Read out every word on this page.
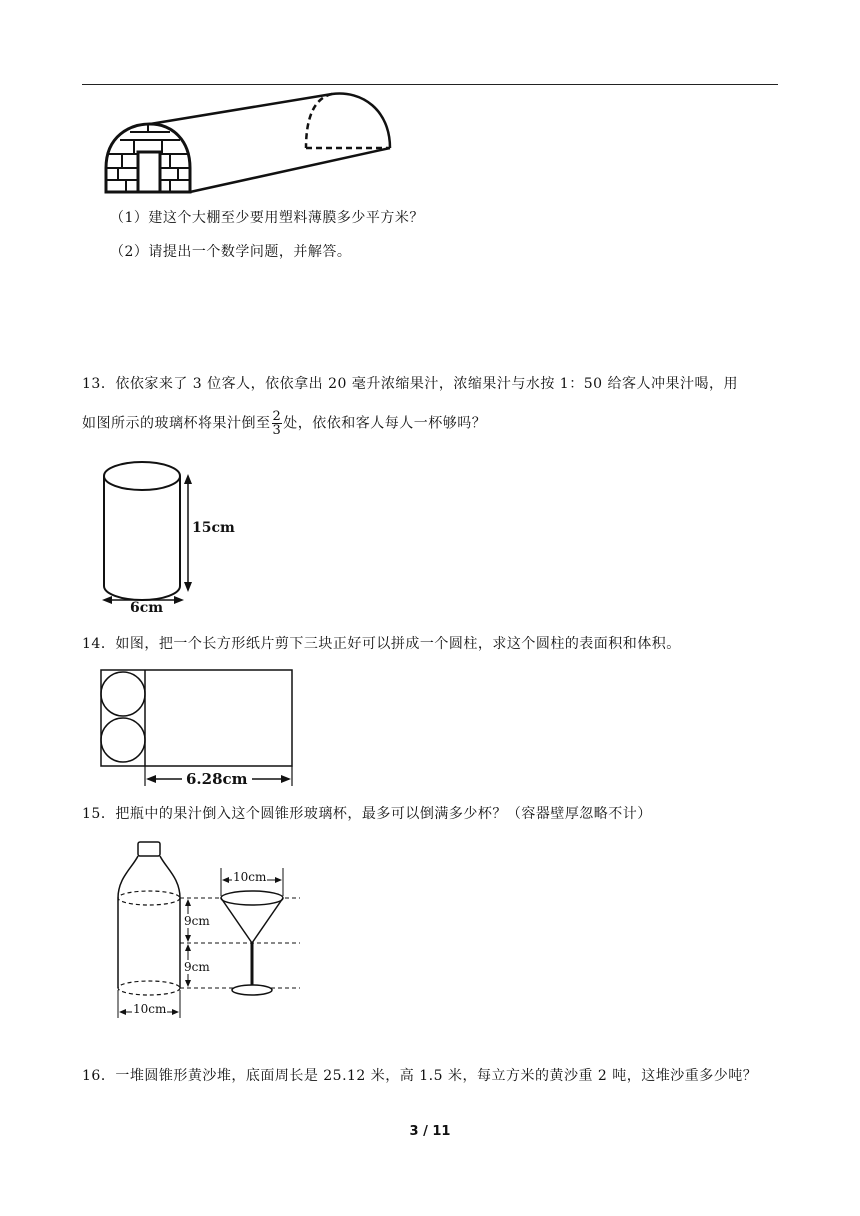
（1）建这个大棚至少要用塑料薄膜多少平方米？
（2）请提出一个数学问题，并解答。
13．依依家来了 3 位客人，依依拿出 20 毫升浓缩果汁，浓缩果汁与水按 1：50 给客人冲果汁喝，用
如图所示的玻璃杯将果汁倒至 $\frac{2}{3}$ 处，依依和客人每人一杯够吗？
15cm
6cm
14．如图，把一个长方形纸片剪下三块正好可以拼成一个圆柱，求这个圆柱的表面积和体积。
6.28cm
15．把瓶中的果汁倒入这个圆锥形玻璃杯，最多可以倒满多少杯？（容器壁厚忽略不计）
10cm
9cm
9cm
10cm
16．一堆圆锥形黄沙堆，底面周长是 25.12 米，高 1.5 米，每立方米的黄沙重 2 吨，这堆沙重多少吨？
3 / 11
